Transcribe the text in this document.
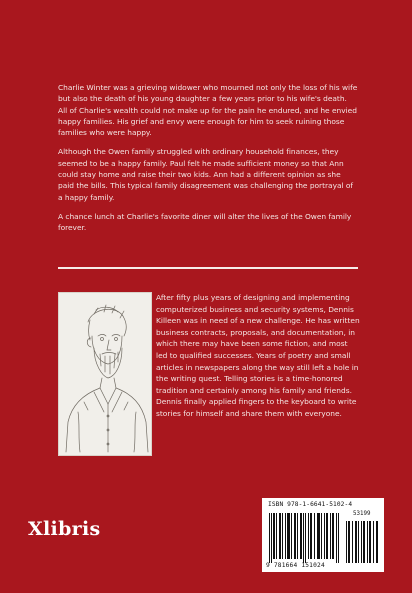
Charlie Winter was a grieving widower who mourned not only the loss of his wife but also the death of his young daughter a few years prior to his wife's death. All of Charlie's wealth could not make up for the pain he endured, and he envied happy families. His grief and envy were enough for him to seek ruining those families who were happy.

Although the Owen family struggled with ordinary household finances, they seemed to be a happy family. Paul felt he made sufficient money so that Ann could stay home and raise their two kids. Ann had a different opinion as she paid the bills. This typical family disagreement was challenging the portrayal of a happy family.

A chance lunch at Charlie's favorite diner will alter the lives of the Owen family forever.

After fifty plus years of designing and implementing computerized business and security systems, Dennis Killeen was in need of a new challenge. He has written business contracts, proposals, and documentation, in which there may have been some fiction, and most led to qualified successes. Years of poetry and small articles in newspapers along the way still left a hole in the writing quest. Telling stories is a time-honored tradition and certainly among his family and friends. Dennis finally applied fingers to the keyboard to write stories for himself and share them with everyone.

Xlibris
ISBN 978-1-6641-5102-4
53199
9 781664 151024
